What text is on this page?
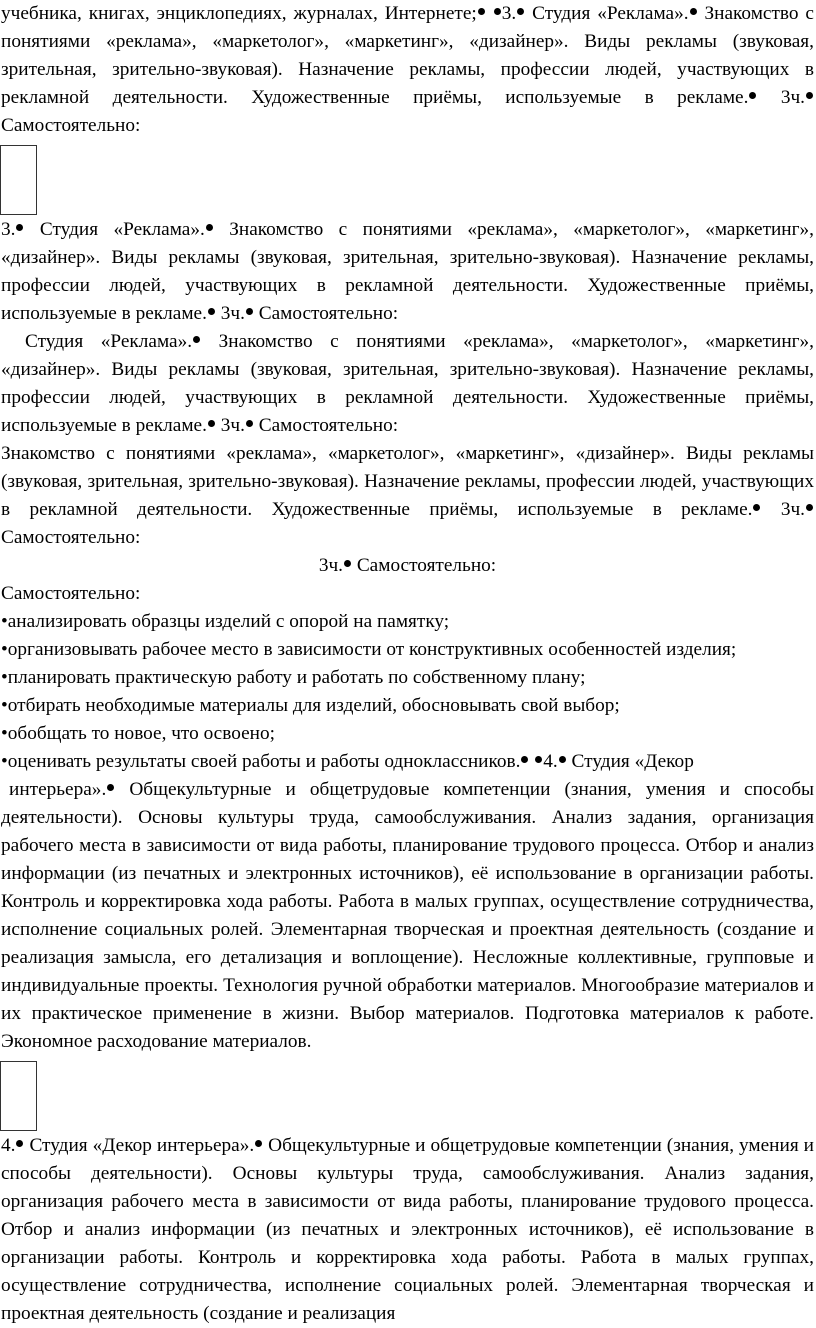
учебника, книгах, энциклопедиях, журналах, Интернете; 3. Студия «Реклама». Знакомство с понятиями «реклама», «маркетолог», «маркетинг», «дизайнер». Виды рекламы (звуковая, зрительная, зрительно-звуковая). Назначение рекламы, профессии людей, участвующих в рекламной деятельности. Художественные приёмы, используемые в рекламе. 3ч. Самостоятельно:

3. Студия «Реклама». Знакомство с понятиями «реклама», «маркетолог», «маркетинг», «дизайнер». Виды рекламы (звуковая, зрительная, зрительно-звуковая). Назначение рекламы, профессии людей, участвующих в рекламной деятельности. Художественные приёмы, используемые в рекламе. 3ч. Самостоятельно:

Студия «Реклама». Знакомство с понятиями «реклама», «маркетолог», «маркетинг», «дизайнер». Виды рекламы (звуковая, зрительная, зрительно-звуковая). Назначение рекламы, профессии людей, участвующих в рекламной деятельности. Художественные приёмы, используемые в рекламе. 3ч. Самостоятельно:

Знакомство с понятиями «реклама», «маркетолог», «маркетинг», «дизайнер». Виды рекламы (звуковая, зрительная, зрительно-звуковая). Назначение рекламы, профессии людей, участвующих в рекламной деятельности. Художественные приёмы, используемые в рекламе. 3ч. Самостоятельно:

3ч. Самостоятельно:

Самостоятельно:

•анализировать образцы изделий с опорой на памятку;

•организовывать рабочее место в зависимости от конструктивных особенностей изделия;

•планировать практическую работу и работать по собственному плану;

•отбирать необходимые материалы для изделий, обосновывать свой выбор;

•обобщать то новое, что освоено;

•оценивать результаты своей работы и работы одноклассников. 4. Студия «Декор

интерьера». Общекультурные и общетрудовые компетенции (знания, умения и способы деятельности). Основы культуры труда, самообслуживания. Анализ задания, организация рабочего места в зависимости от вида работы, планирование трудового процесса. Отбор и анализ информации (из печатных и электронных источников), её использование в организации работы. Контроль и корректировка хода работы. Работа в малых группах, осуществление сотрудничества, исполнение социальных ролей. Элементарная творческая и проектная деятельность (создание и реализация замысла, его детализация и воплощение). Несложные коллективные, групповые и индивидуальные проекты. Технология ручной обработки материалов. Многообразие материалов и их практическое применение в жизни. Выбор материалов. Подготовка материалов к работе. Экономное расходование материалов.

4. Студия «Декор интерьера». Общекультурные и общетрудовые компетенции (знания, умения и способы деятельности). Основы культуры труда, самообслуживания. Анализ задания, организация рабочего места в зависимости от вида работы, планирование трудового процесса. Отбор и анализ информации (из печатных и электронных источников), её использование в организации работы. Контроль и корректировка хода работы. Работа в малых группах, осуществление сотрудничества, исполнение социальных ролей. Элементарная творческая и проектная деятельность (создание и реализация
